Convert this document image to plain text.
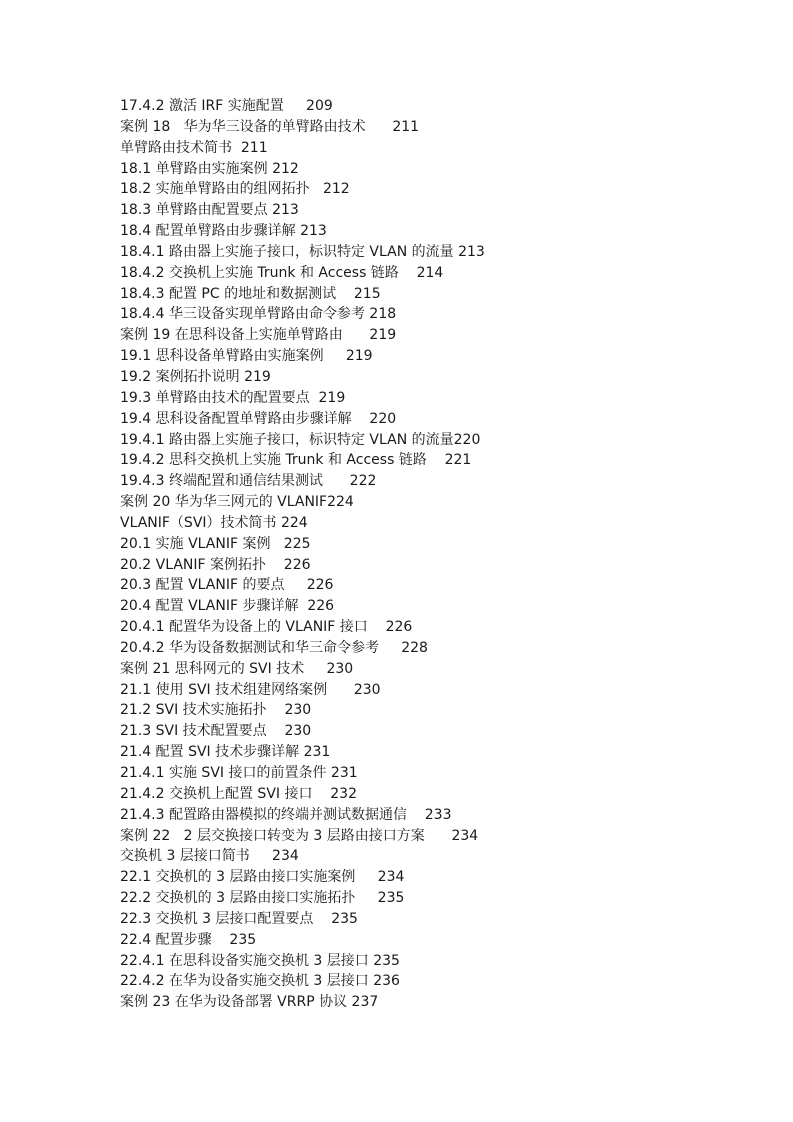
17.4.2 激活 IRF 实施配置     209
案例 18   华为华三设备的单臂路由技术      211
单臂路由技术简书  211
18.1 单臂路由实施案例 212
18.2 实施单臂路由的组网拓扑   212
18.3 单臂路由配置要点 213
18.4 配置单臂路由步骤详解 213
18.4.1 路由器上实施子接口，标识特定 VLAN 的流量 213
18.4.2 交换机上实施 Trunk 和 Access 链路    214
18.4.3 配置 PC 的地址和数据测试    215
18.4.4 华三设备实现单臂路由命令参考 218
案例 19 在思科设备上实施单臂路由      219
19.1 思科设备单臂路由实施案例     219
19.2 案例拓扑说明 219
19.3 单臂路由技术的配置要点  219
19.4 思科设备配置单臂路由步骤详解    220
19.4.1 路由器上实施子接口，标识特定 VLAN 的流量220
19.4.2 思科交换机上实施 Trunk 和 Access 链路    221
19.4.3 终端配置和通信结果测试      222
案例 20 华为华三网元的 VLANIF224
VLANIF（SVI）技术简书 224
20.1 实施 VLANIF 案例   225
20.2 VLANIF 案例拓扑    226
20.3 配置 VLANIF 的要点     226
20.4 配置 VLANIF 步骤详解  226
20.4.1 配置华为设备上的 VLANIF 接口    226
20.4.2 华为设备数据测试和华三命令参考     228
案例 21 思科网元的 SVI 技术     230
21.1 使用 SVI 技术组建网络案例      230
21.2 SVI 技术实施拓扑    230
21.3 SVI 技术配置要点    230
21.4 配置 SVI 技术步骤详解 231
21.4.1 实施 SVI 接口的前置条件 231
21.4.2 交换机上配置 SVI 接口    232
21.4.3 配置路由器模拟的终端并测试数据通信    233
案例 22   2 层交换接口转变为 3 层路由接口方案      234
交换机 3 层接口简书     234
22.1 交换机的 3 层路由接口实施案例     234
22.2 交换机的 3 层路由接口实施拓扑     235
22.3 交换机 3 层接口配置要点    235
22.4 配置步骤    235
22.4.1 在思科设备实施交换机 3 层接口 235
22.4.2 在华为设备实施交换机 3 层接口 236
案例 23 在华为设备部署 VRRP 协议 237
